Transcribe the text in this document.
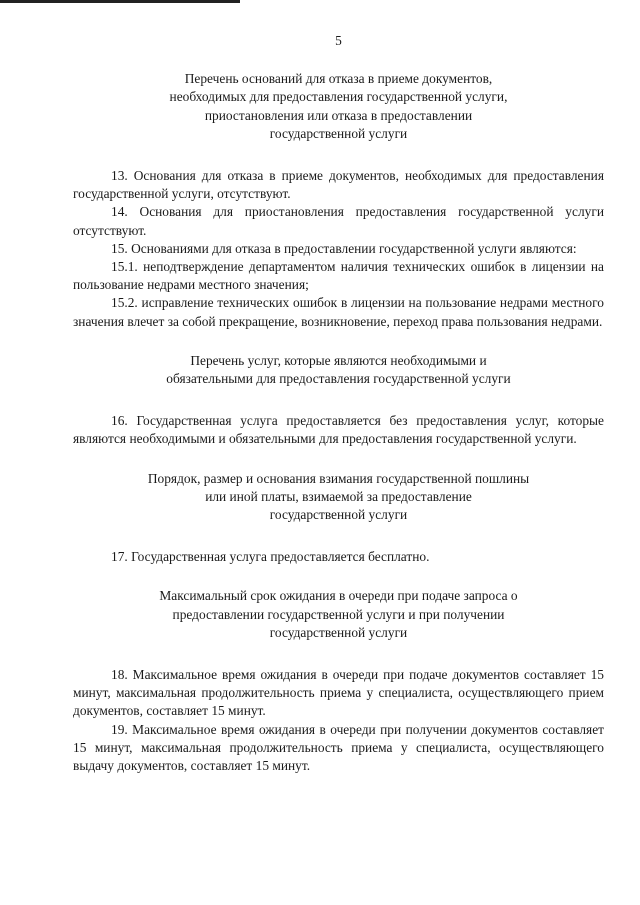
5
Перечень оснований для отказа в приеме документов,
необходимых для предоставления государственной услуги,
приостановления или отказа в предоставлении
государственной услуги

13. Основания для отказа в приеме документов, необходимых для предоставления государственной услуги, отсутствуют.

14. Основания для приостановления предоставления государственной услуги отсутствуют.

15. Основаниями для отказа в предоставлении государственной услуги являются:

15.1. неподтверждение департаментом наличия технических ошибок в лицензии на пользование недрами местного значения;

15.2. исправление технических ошибок в лицензии на пользование недрами местного значения влечет за собой прекращение, возникновение, переход права пользования недрами.

Перечень услуг, которые являются необходимыми и
обязательными для предоставления государственной услуги

16. Государственная услуга предоставляется без предоставления услуг, которые являются необходимыми и обязательными для предоставления государственной услуги.

Порядок, размер и основания взимания государственной пошлины
или иной платы, взимаемой за предоставление
государственной услуги

17. Государственная услуга предоставляется бесплатно.

Максимальный срок ожидания в очереди при подаче запроса о
предоставлении государственной услуги и при получении
государственной услуги

18. Максимальное время ожидания в очереди при подаче документов составляет 15 минут, максимальная продолжительность приема у специалиста, осуществляющего прием документов, составляет 15 минут.

19. Максимальное время ожидания в очереди при получении документов составляет 15 минут, максимальная продолжительность приема у специалиста, осуществляющего выдачу документов, составляет 15 минут.
